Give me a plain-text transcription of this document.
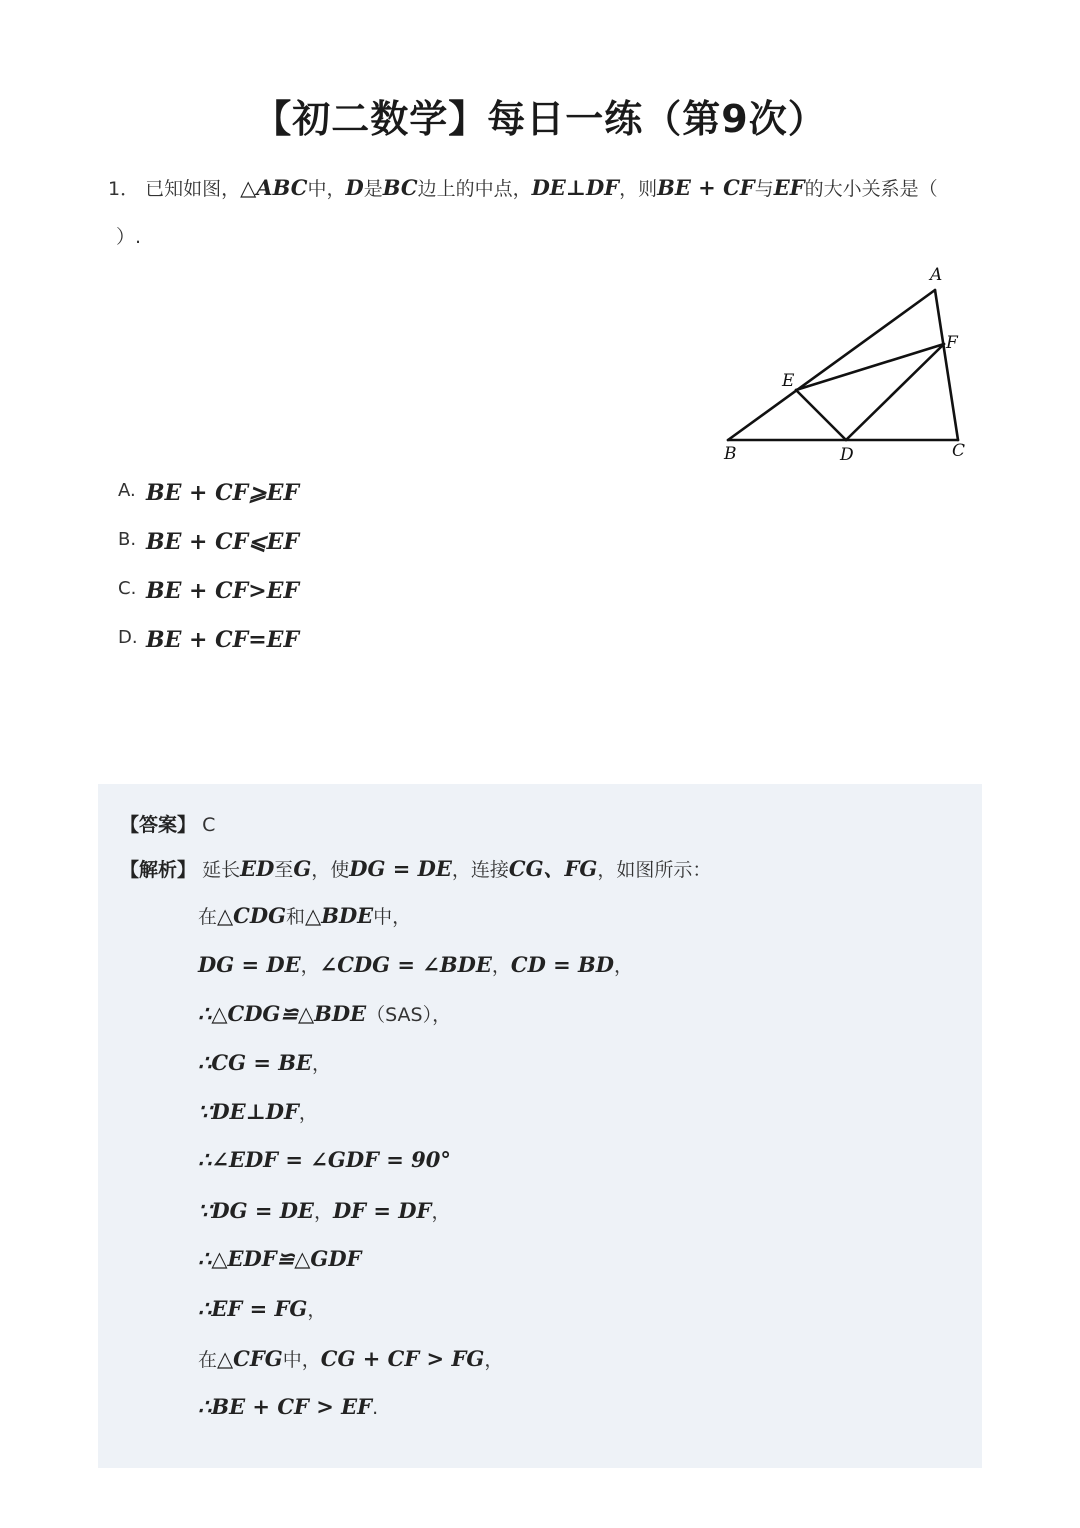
【初二数学】每日一练（第9次）
1． 已知如图，△ABC中，D是BC边上的中点，DE⊥DF，则BE + CF与EF的大小关系是（
）.
A
F
E
B	D	C
A. BE + CF⩾EF
B. BE + CF⩽EF
C. BE + CF>EF
D. BE + CF=EF
【答案】 C
【解析】 延长ED至G，使DG = DE，连接CG、FG，如图所示：
在△CDG和△BDE中，
DG = DE，∠CDG = ∠BDE，CD = BD，
∴△CDG≌△BDE（SAS），
∴CG = BE，
∵DE⊥DF，
∴∠EDF = ∠GDF = 90°
∵DG = DE，DF = DF，
∴△EDF≌△GDF
∴EF = FG，
在△CFG中，CG + CF > FG，
∴BE + CF > EF.
